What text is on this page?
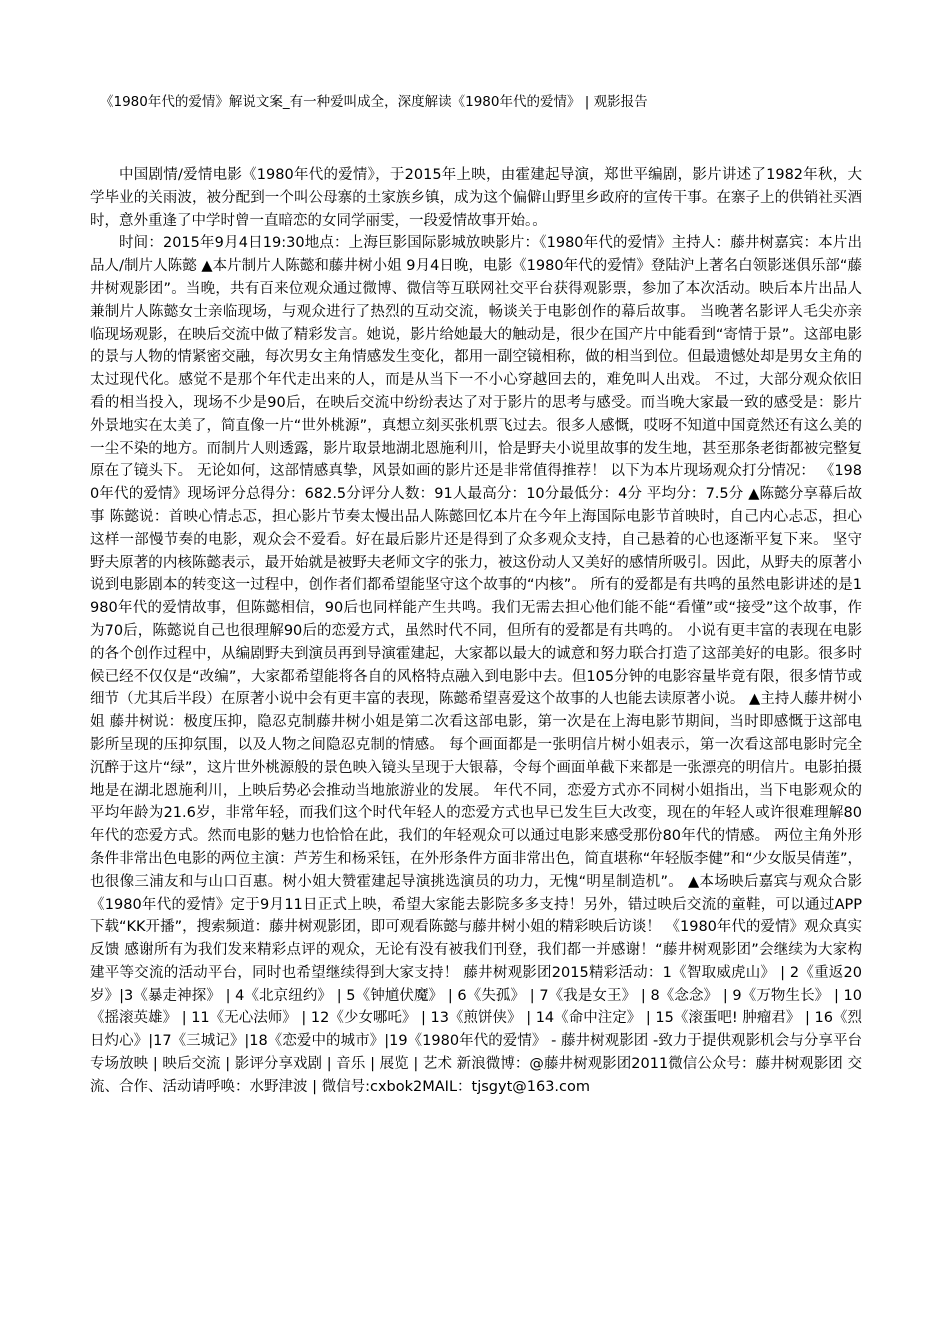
《1980年代的爱情》解说文案_有一种爱叫成全，深度解读《1980年代的爱情》 | 观影报告

中国剧情/爱情电影《1980年代的爱情》，于2015年上映，由霍建起导演，郑世平编剧，影片讲述了1982年秋，大学毕业的关雨波，被分配到一个叫公母寨的土家族乡镇，成为这个偏僻山野里乡政府的宣传干事。在寨子上的供销社买酒时，意外重逢了中学时曾一直暗恋的女同学丽雯，一段爱情故事开始。。

时间：2015年9月4日19:30地点：上海巨影国际影城放映影片：《1980年代的爱情》主持人：藤井树嘉宾：本片出品人/制片人陈懿 ▲本片制片人陈懿和藤井树小姐 9月4日晚，电影《1980年代的爱情》登陆沪上著名白领影迷俱乐部“藤井树观影团”。当晚，共有百来位观众通过微博、微信等互联网社交平台获得观影票，参加了本次活动。映后本片出品人兼制片人陈懿女士亲临现场，与观众进行了热烈的互动交流，畅谈关于电影创作的幕后故事。 当晚著名影评人毛尖亦亲临现场观影，在映后交流中做了精彩发言。她说，影片给她最大的触动是，很少在国产片中能看到“寄情于景”。这部电影的景与人物的情紧密交融，每次男女主角情感发生变化，都用一副空镜相称，做的相当到位。但最遗憾处却是男女主角的太过现代化。感觉不是那个年代走出来的人，而是从当下一不小心穿越回去的，难免叫人出戏。 不过，大部分观众依旧看的相当投入，现场不少是90后，在映后交流中纷纷表达了对于影片的思考与感受。而当晚大家最一致的感受是：影片外景地实在太美了，简直像一片“世外桃源”，真想立刻买张机票飞过去。很多人感慨，哎呀不知道中国竟然还有这么美的一尘不染的地方。而制片人则透露，影片取景地湖北恩施利川，恰是野夫小说里故事的发生地，甚至那条老街都被完整复原在了镜头下。 无论如何，这部情感真挚，风景如画的影片还是非常值得推荐！ 以下为本片现场观众打分情况： 《1980年代的爱情》现场评分总得分：682.5分评分人数：91人最高分：10分最低分：4分 平均分：7.5分 ▲陈懿分享幕后故事 陈懿说：首映心情忐忑，担心影片节奏太慢出品人陈懿回忆本片在今年上海国际电影节首映时，自己内心忐忑，担心这样一部慢节奏的电影，观众会不爱看。好在最后影片还是得到了众多观众支持，自己悬着的心也逐渐平复下来。 坚守野夫原著的内核陈懿表示，最开始就是被野夫老师文字的张力，被这份动人又美好的感情所吸引。因此，从野夫的原著小说到电影剧本的转变这一过程中，创作者们都希望能坚守这个故事的“内核”。 所有的爱都是有共鸣的虽然电影讲述的是1980年代的爱情故事，但陈懿相信，90后也同样能产生共鸣。我们无需去担心他们能不能“看懂”或“接受”这个故事，作为70后，陈懿说自己也很理解90后的恋爱方式，虽然时代不同，但所有的爱都是有共鸣的。 小说有更丰富的表现在电影的各个创作过程中，从编剧野夫到演员再到导演霍建起，大家都以最大的诚意和努力联合打造了这部美好的电影。很多时候已经不仅仅是“改编”，大家都希望能将各自的风格特点融入到电影中去。但105分钟的电影容量毕竟有限，很多情节或细节（尤其后半段）在原著小说中会有更丰富的表现，陈懿希望喜爱这个故事的人也能去读原著小说。 ▲主持人藤井树小姐 藤井树说：极度压抑，隐忍克制藤井树小姐是第二次看这部电影，第一次是在上海电影节期间，当时即感慨于这部电影所呈现的压抑氛围，以及人物之间隐忍克制的情感。 每个画面都是一张明信片树小姐表示，第一次看这部电影时完全沉醉于这片“绿”，这片世外桃源般的景色映入镜头呈现于大银幕，令每个画面单截下来都是一张漂亮的明信片。电影拍摄地是在湖北恩施利川，上映后势必会推动当地旅游业的发展。 年代不同，恋爱方式亦不同树小姐指出，当下电影观众的平均年龄为21.6岁，非常年轻，而我们这个时代年轻人的恋爱方式也早已发生巨大改变，现在的年轻人或许很难理解80年代的恋爱方式。然而电影的魅力也恰恰在此，我们的年轻观众可以通过电影来感受那份80年代的情感。 两位主角外形条件非常出色电影的两位主演：芦芳生和杨采钰，在外形条件方面非常出色，简直堪称“年轻版李健”和“少女版吴倩莲”，也很像三浦友和与山口百惠。树小姐大赞霍建起导演挑选演员的功力，无愧“明星制造机”。 ▲本场映后嘉宾与观众合影 《1980年代的爱情》定于9月11日正式上映，希望大家能去影院多多支持！另外，错过映后交流的童鞋，可以通过APP下载“KK开播”，搜索频道：藤井树观影团，即可观看陈懿与藤井树小姐的精彩映后访谈！ 《1980年代的爱情》观众真实反馈 感谢所有为我们发来精彩点评的观众，无论有没有被我们刊登，我们都一并感谢！“藤井树观影团”会继续为大家构建平等交流的活动平台，同时也希望继续得到大家支持！ 藤井树观影团2015精彩活动：1《智取威虎山》 | 2《重返20岁》|3《暴走神探》 | 4《北京纽约》 | 5《钟馗伏魔》 | 6《失孤》 | 7《我是女王》 | 8《念念》 | 9《万物生长》 | 10《摇滚英雄》 | 11《无心法师》 | 12《少女哪吒》 | 13《煎饼侠》 | 14《命中注定》 | 15《滚蛋吧! 肿瘤君》 | 16《烈日灼心》|17《三城记》|18《恋爱中的城市》|19《1980年代的爱情》 - 藤井树观影团 -致力于提供观影机会与分享平台专场放映 | 映后交流 | 影评分享戏剧 | 音乐 | 展览 | 艺术 新浪微博：@藤井树观影团2011微信公众号：藤井树观影团 交流、合作、活动请呼唤：水野津波 | 微信号:cxbok2MAIL：tjsgyt@163.com
